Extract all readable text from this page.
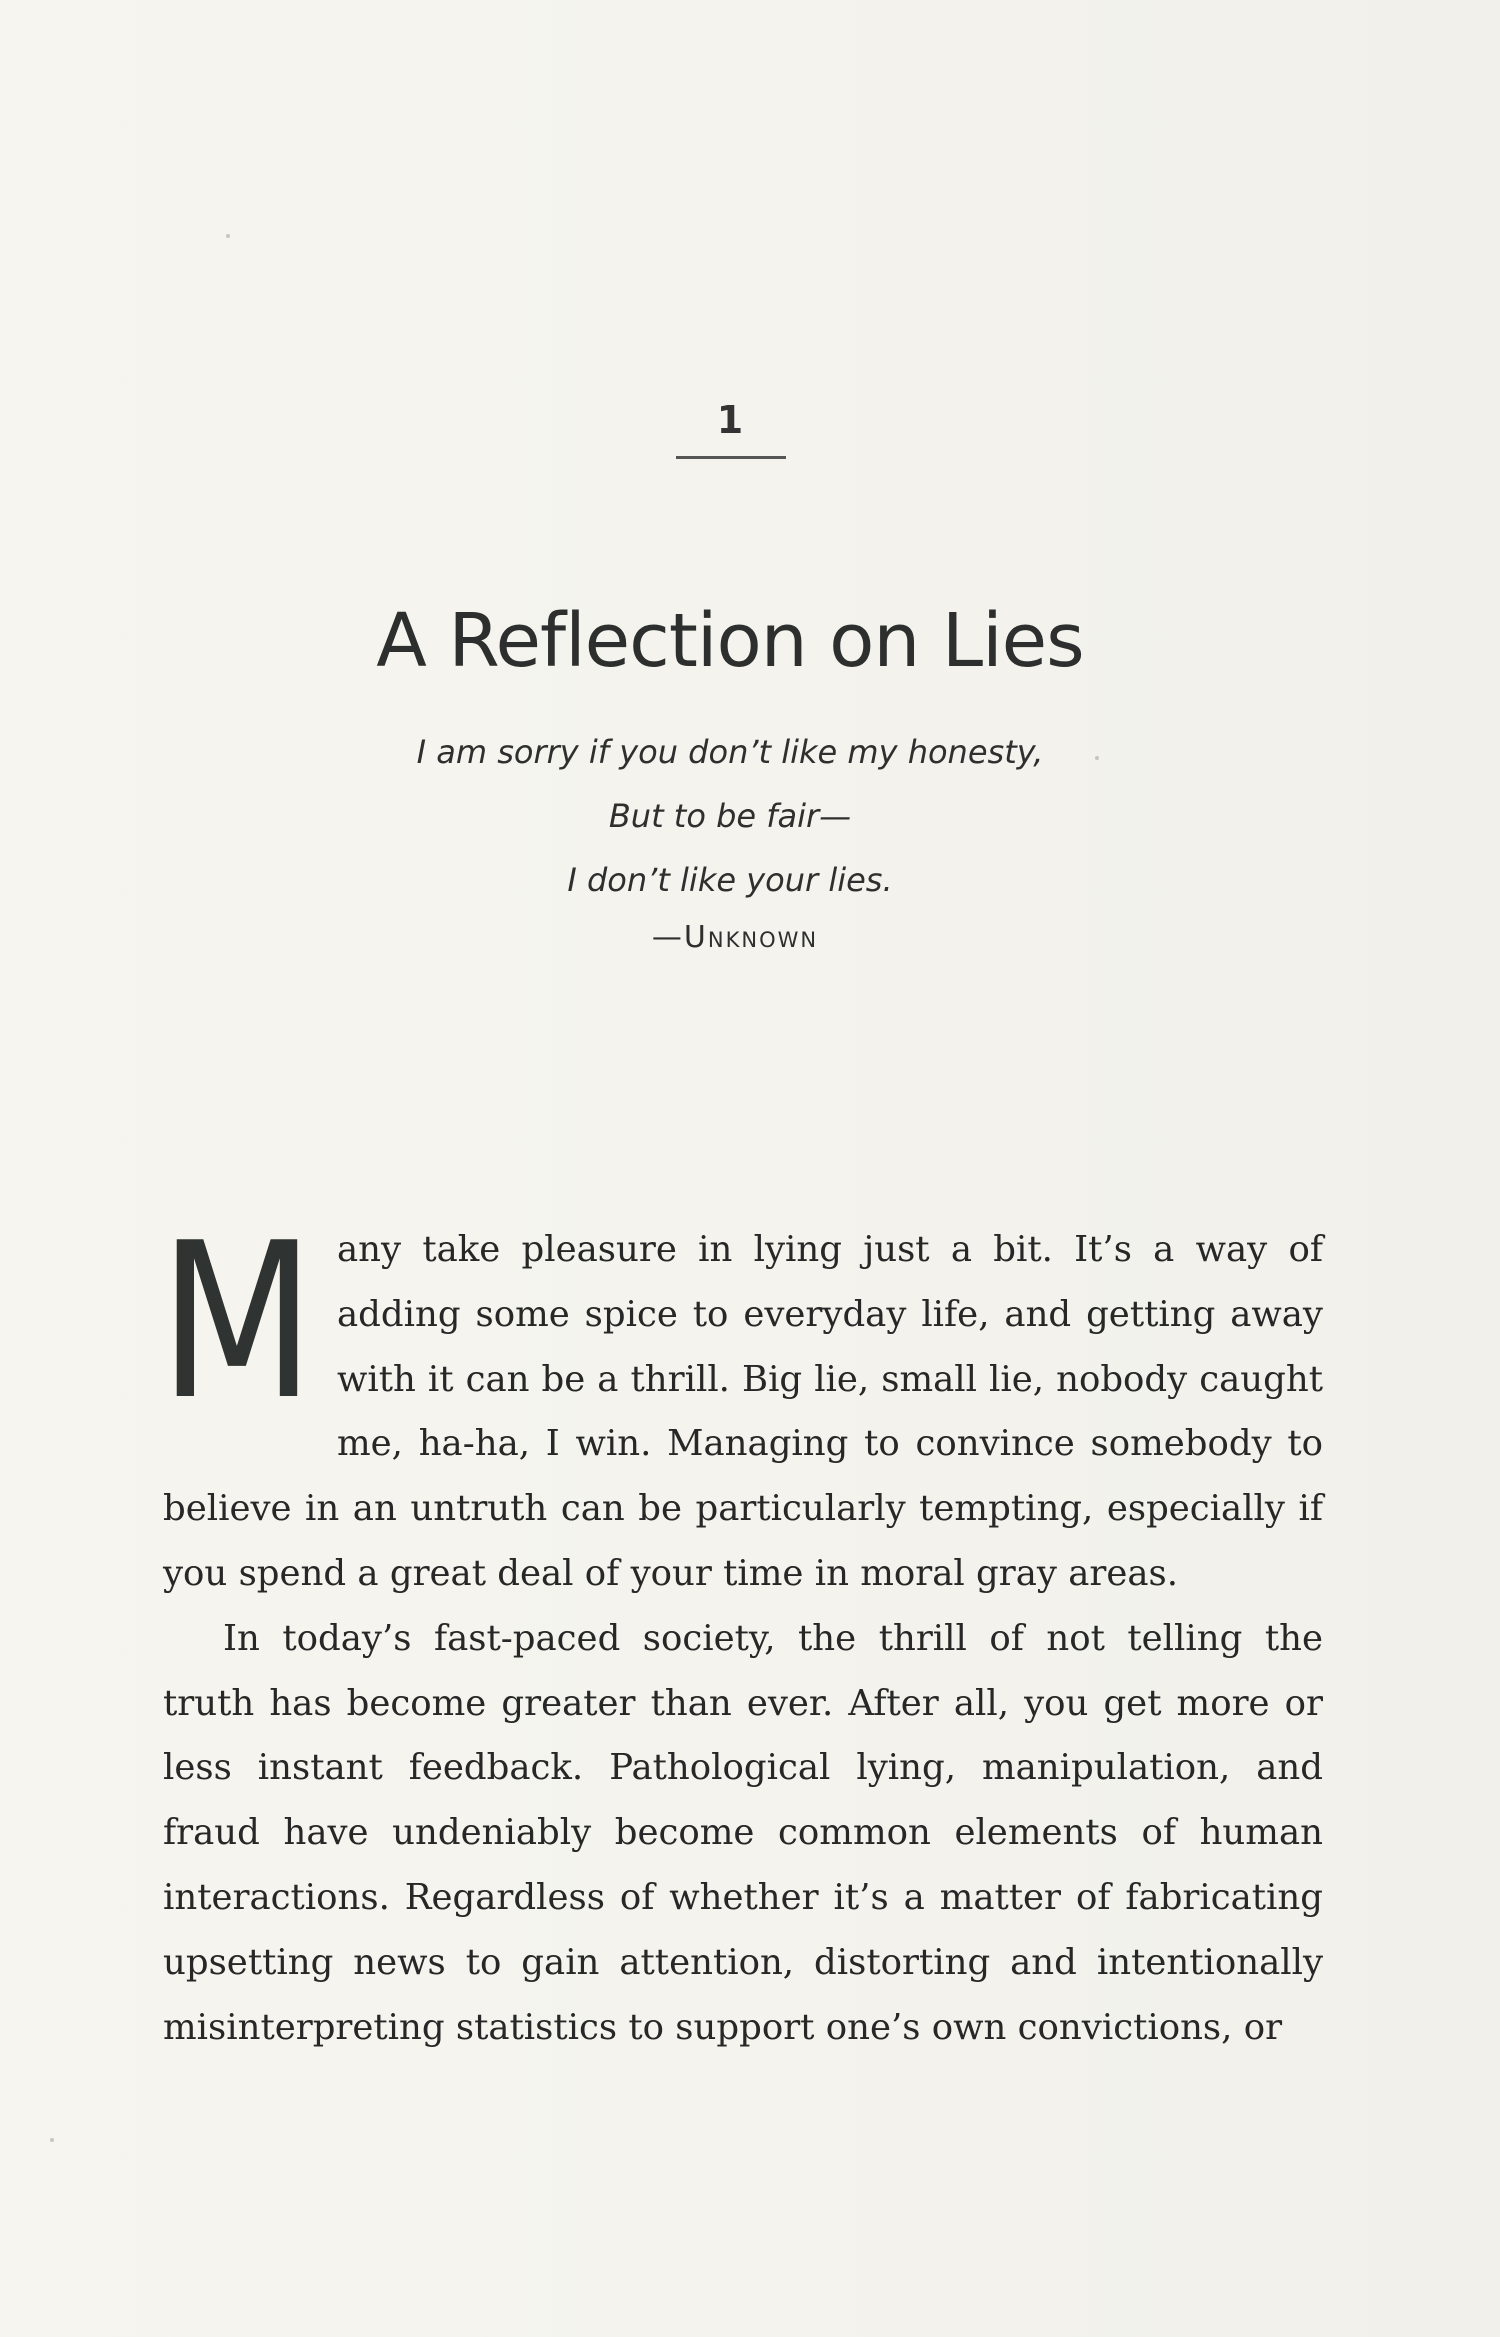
1
A Reflection on Lies
I am sorry if you don’t like my honesty,
But to be fair—
I don’t like your lies.
—Unknown

Many take pleasure in lying just a bit. It’s a way of adding some spice to everyday life, and getting away with it can be a thrill. Big lie, small lie, nobody caught me, ha-ha, I win. Managing to convince somebody to believe in an untruth can be particularly tempting, especially if you spend a great deal of your time in moral gray areas.

In today’s fast-paced society, the thrill of not telling the truth has become greater than ever. After all, you get more or less instant feedback. Pathological lying, manipulation, and fraud have undeniably become common elements of human interactions. Regardless of whether it’s a matter of fabricating upsetting news to gain attention, distorting and intentionally misinterpreting statistics to support one’s own convictions, or
